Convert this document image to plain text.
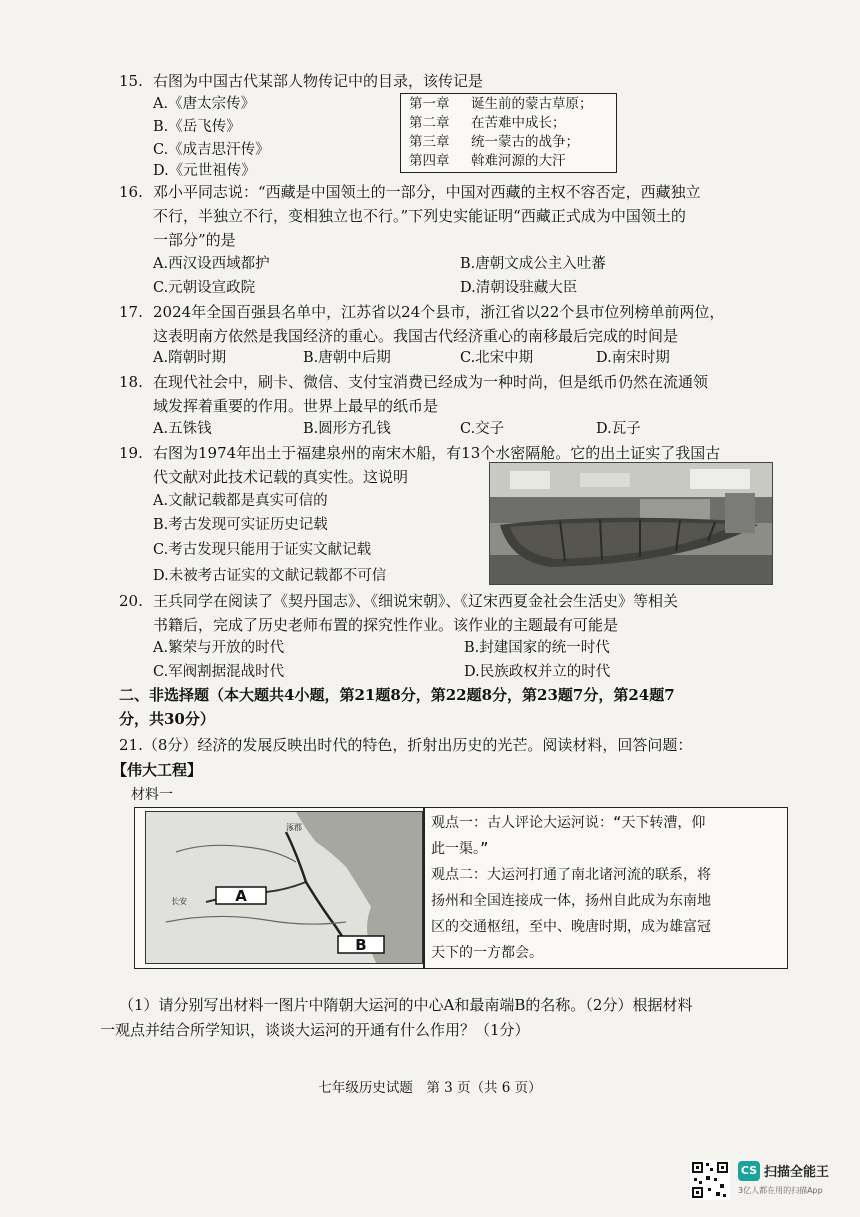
15. 右图为中国古代某部人物传记中的目录，该传记是
A.《唐太宗传》
B.《岳飞传》
C.《成吉思汗传》
D.《元世祖传》
第一章 诞生前的蒙古草原；
第二章 在苦难中成长；
第三章 统一蒙古的战争；
第四章 斡难河源的大汗
16. 邓小平同志说：“西藏是中国领土的一部分，中国对西藏的主权不容否定，西藏独立
不行，半独立不行，变相独立也不行。”下列史实能证明“西藏正式成为中国领土的
一部分”的是
A.西汉设西域都护	B.唐朝文成公主入吐蕃
C.元朝设宣政院	D.清朝设驻藏大臣
17. 2024年全国百强县名单中，江苏省以24个县市，浙江省以22个县市位列榜单前两位，
这表明南方依然是我国经济的重心。我国古代经济重心的南移最后完成的时间是
A.隋朝时期	B.唐朝中后期	C.北宋中期	D.南宋时期
18. 在现代社会中，刷卡、微信、支付宝消费已经成为一种时尚，但是纸币仍然在流通领
域发挥着重要的作用。世界上最早的纸币是
A.五铢钱	B.圆形方孔钱	C.交子	D.瓦子
19. 右图为1974年出土于福建泉州的南宋木船，有13个水密隔舱。它的出土证实了我国古
代文献对此技术记载的真实性。这说明
A.文献记载都是真实可信的
B.考古发现可实证历史记载
C.考古发现只能用于证实文献记载
D.未被考古证实的文献记载都不可信
20. 王兵同学在阅读了《契丹国志》、《细说宋朝》、《辽宋西夏金社会生活史》等相关
书籍后，完成了历史老师布置的探究性作业。该作业的主题最有可能是
A.繁荣与开放的时代	B.封建国家的统一时代
C.军阀割据混战时代	D.民族政权并立的时代
二、非选择题（本大题共4小题，第21题8分，第22题8分，第23题7分，第24题7
分，共30分）
21.（8分）经济的发展反映出时代的特色，折射出历史的光芒。阅读材料，回答问题：
【伟大工程】
材料一
A
B
长安
涿郡	观点一：古人评论大运河说：“天下转漕，仰
此一渠。”
观点二：大运河打通了南北诸河流的联系，将
扬州和全国连接成一体，扬州自此成为东南地
区的交通枢纽，至中、晚唐时期，成为雄富冠
天下的一方都会。
（1）请分别写出材料一图片中隋朝大运河的中心A和最南端B的名称。（2分）根据材料
一观点并结合所学知识，谈谈大运河的开通有什么作用？（1分）
七年级历史试题　第 3 页（共 6 页）
CS 扫描全能王
3亿人都在用的扫描App
